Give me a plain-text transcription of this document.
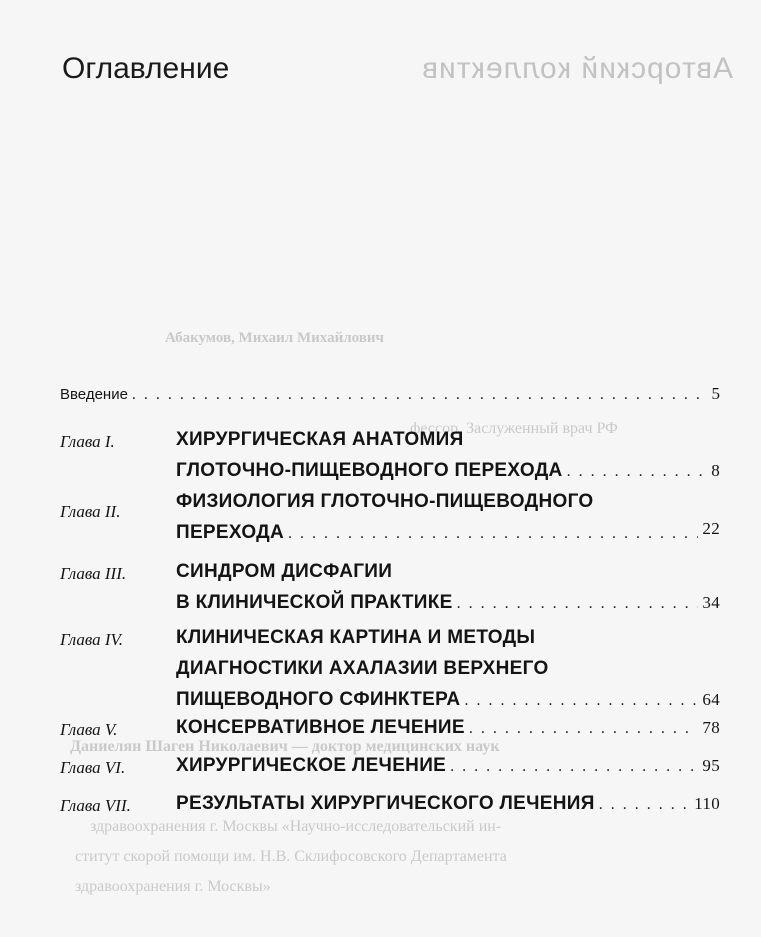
Авторский коллектив
Абакумов, Михаил Михайлович
фессор, Заслуженный врач РФ
здравоохранения г. Москвы «Научно-исследовательский ин-
ститут скорой помощи им. Н.В. Склифосовского Департамента
здравоохранения г. Москвы»
Даниелян Шаген Николаевич — доктор медицинских наук
Оглавление
Введение . . .	5
Глава I.	ХИРУРГИЧЕСКАЯ АНАТОМИЯ
ГЛОТОЧНО-ПИЩЕВОДНОГО ПЕРЕХОДА . . .	8
Глава II.	ФИЗИОЛОГИЯ ГЛОТОЧНО-ПИЩЕВОДНОГО
ПЕРЕХОДА . . .	22
Глава III.	СИНДРОМ ДИСФАГИИ
В КЛИНИЧЕСКОЙ ПРАКТИКЕ . . .	34
Глава IV.	КЛИНИЧЕСКАЯ КАРТИНА И МЕТОДЫ
ДИАГНОСТИКИ АХАЛАЗИИ ВЕРХНЕГО
ПИЩЕВОДНОГО СФИНКТЕРА . . .	64
Глава V.	КОНСЕРВАТИВНОЕ ЛЕЧЕНИЕ . . .	78
Глава VI.	ХИРУРГИЧЕСКОЕ ЛЕЧЕНИЕ . . .	95
Глава VII. РЕЗУЛЬТАТЫ ХИРУРГИЧЕСКОГО ЛЕЧЕНИЯ . . .	110
